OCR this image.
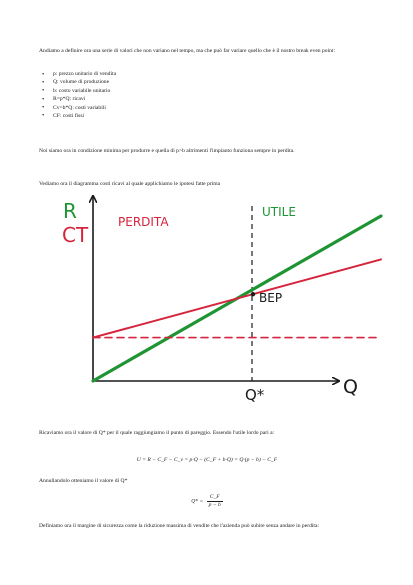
Andiamo a definire ora una serie di valori che non variano nel tempo, ma che può far variare quello che è il nostro break even point:

• p: prezzo unitario di vendita
• Q: volume di produzione
• b: costo variabile unitario
• R=p*Q: ricavi
• Cv=b*Q: costi variabili
• CF: costi fissi

Noi siamo ora in condizione minima per produrre e quella di p>b altrimenti l'impianto funziona sempre in perdita.

Vediamo ora il diagramma costi ricavi al quale applichiamo le ipotesi fatte prima

R
CT
PERDITA
UTILE
BEP
Q*	Q

Ricaviamo ora il valore di Q* per il quale raggiungiamo il punto di pareggio. Essendo l'utile lordo pari a:

U = R − C_F − C_v = p·Q − (C_F + b·Q) = Q·(p − b) − C_F

Annullandolo otteniamo il valore di Q*

$Q* = \frac{C\_F}{p - b}$

Definiamo ora il margine di sicurezza come la riduzione massima di vendite che l'azienda può subire senza andare in perdita:
